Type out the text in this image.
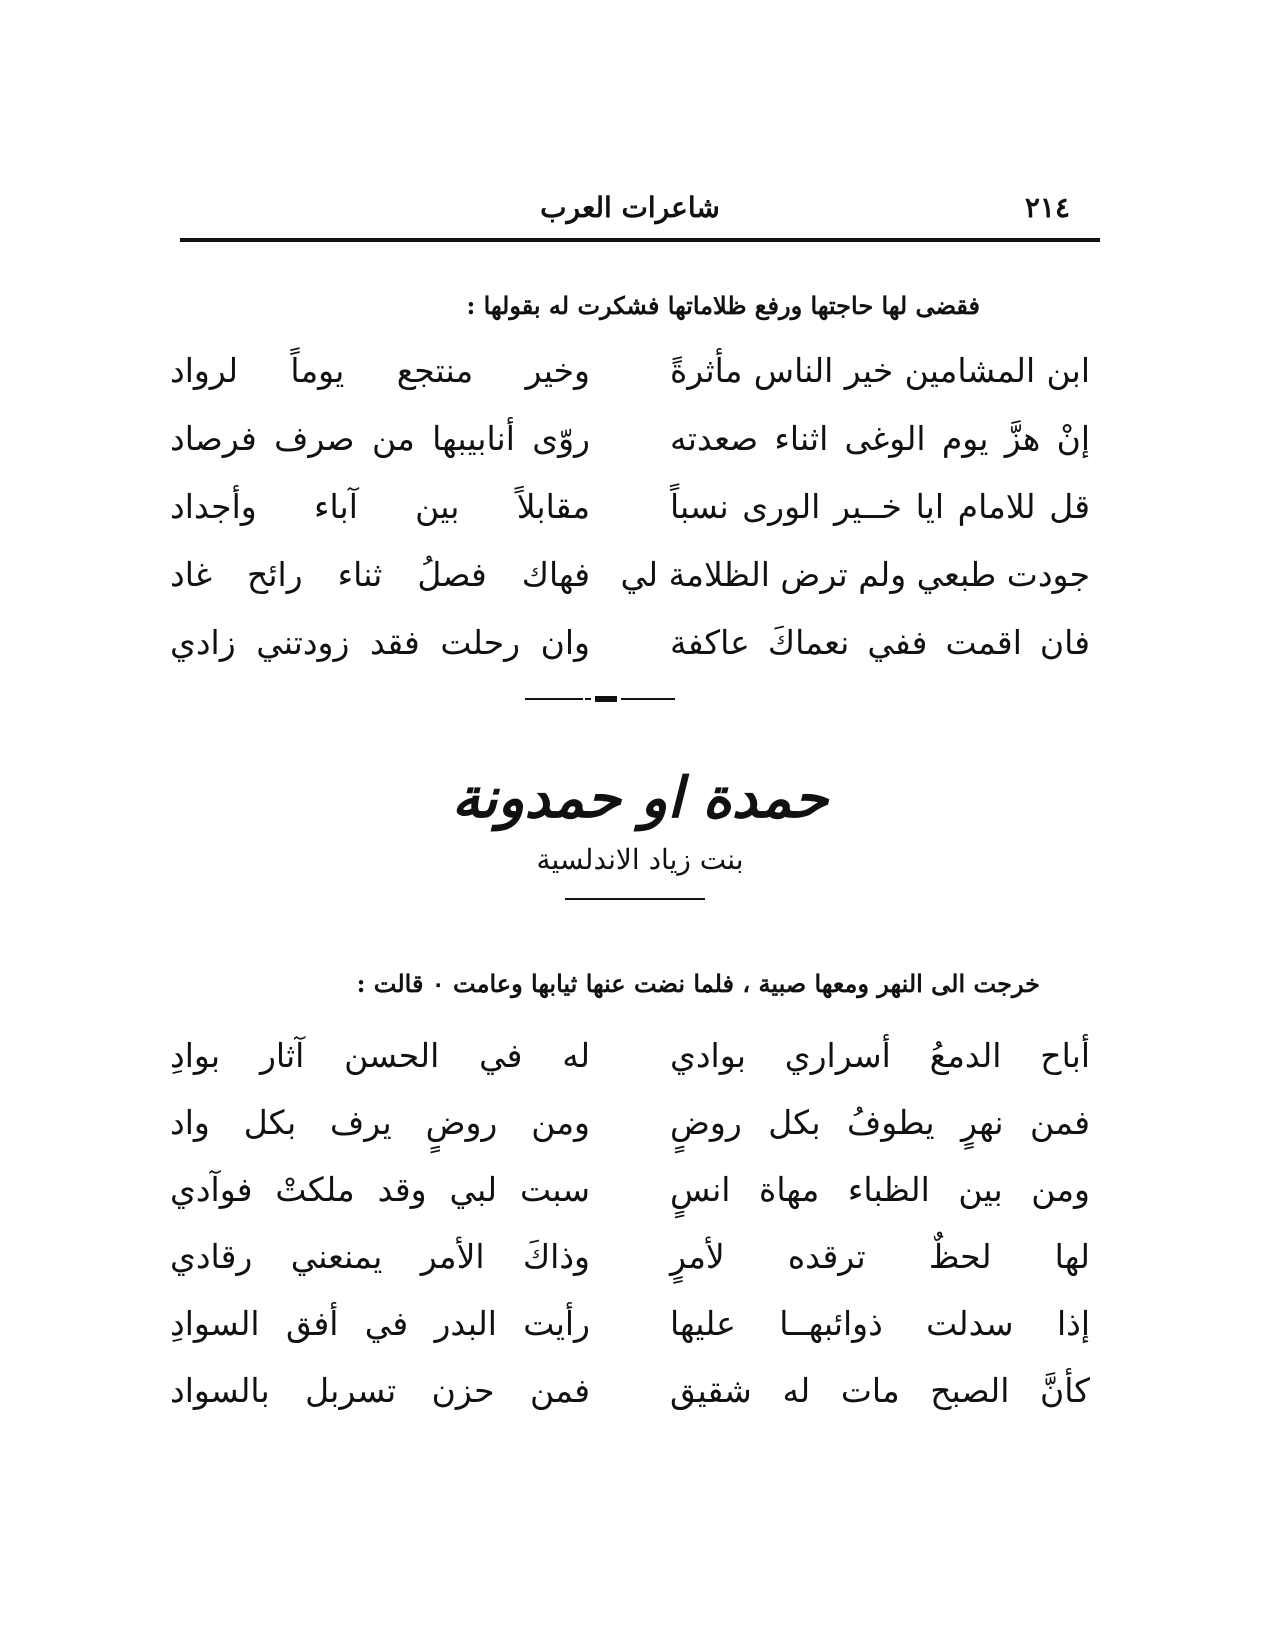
٢١٤
شاعرات العرب
فقضى لها حاجتها ورفع ظلاماتها فشكرت له بقولها :
ابن المشامين خير الناس مأثرةً
وخير منتجع يوماً لرواد
إنْ هزَّ يوم الوغى اثناء صعدته
روّى أنابيبها من صرف فرصاد
قل للامام ايا خــير الورى نسباً
مقابلاً بين آباء وأجداد
جودت طبعي ولم ترض الظلامة لي
فهاك فصلُ ثناء رائح غاد
فان اقمت ففي نعماكَ عاكفة
وان رحلت فقد زودتني زادي
حمدة او حمدونة
بنت زياد الاندلسية
خرجت الى النهر ومعها صبية ، فلما نضت عنها ثيابها وعامت ٠ قالت :
أباح الدمعُ أسراري بوادي
له في الحسن آثار بوادِ
فمن نهرٍ يطوفُ بكل روضٍ
ومن روضٍ يرف بكل واد
ومن بين الظباء مهاة انسٍ
سبت لبي وقد ملكتْ فوآدي
لها لحظٌ ترقده لأمرٍ
وذاكَ الأمر يمنعني رقادي
إذا سدلت ذوائبهــا عليها
رأيت البدر في أفق السوادِ
كأنَّ الصبح مات له شقيق
فمن حزن تسربل بالسواد
